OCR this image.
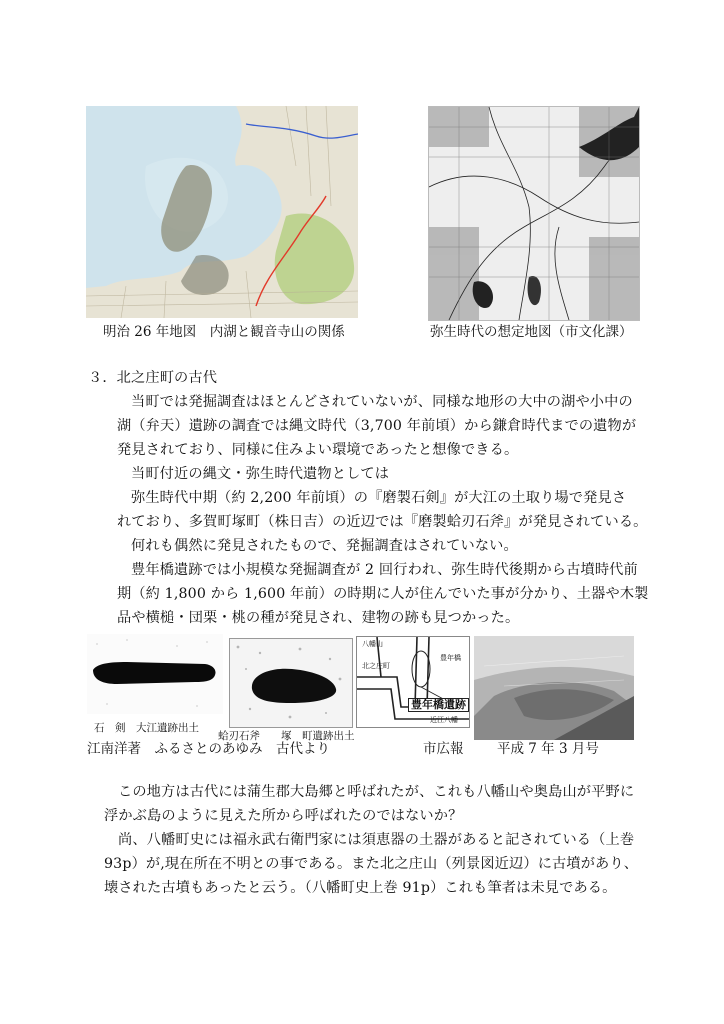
明治 26 年地図　内湖と観音寺山の関係	弥生時代の想定地図（市文化課）
３．北之庄町の古代
当町では発掘調査はほとんどされていないが、同様な地形の大中の湖や小中の
湖（弁天）遺跡の調査では縄文時代（3,700 年前頃）から鎌倉時代までの遺物が
発見されており、同様に住みよい環境であったと想像できる。
当町付近の縄文・弥生時代遺物としては
弥生時代中期（約 2,200 年前頃）の『磨製石剣』が大江の土取り場で発見さ
れており、多賀町塚町（株日吉）の近辺では『磨製蛤刃石斧』が発見されている。
何れも偶然に発見されたもので、発掘調査はされていない。
豊年橋遺跡では小規模な発掘調査が 2 回行われ、弥生時代後期から古墳時代前
期（約 1,800 から 1,600 年前）の時期に人が住んでいた事が分かり、土器や木製
品や横槌・団栗・桃の種が発見され、建物の跡も見つかった。
八幡山
北之庄町
豊年橋
近江八幡
豊年橋遺跡
石　剣　大江遺跡出土
蛤刃石斧　　塚　町遺跡出土
江南洋著　ふるさとのあゆみ　古代より	市広報 平成 7 年 3 月号
この地方は古代には蒲生郡大島郷と呼ばれたが、これも八幡山や奥島山が平野に
浮かぶ島のように見えた所から呼ばれたのではないか？
尚、八幡町史には福永武右衛門家には須恵器の土器があると記されている（上巻
93p）が,現在所在不明との事である。また北之庄山（列景図近辺）に古墳があり、
壊された古墳もあったと云う。（八幡町史上巻 91p）これも筆者は未見である。
